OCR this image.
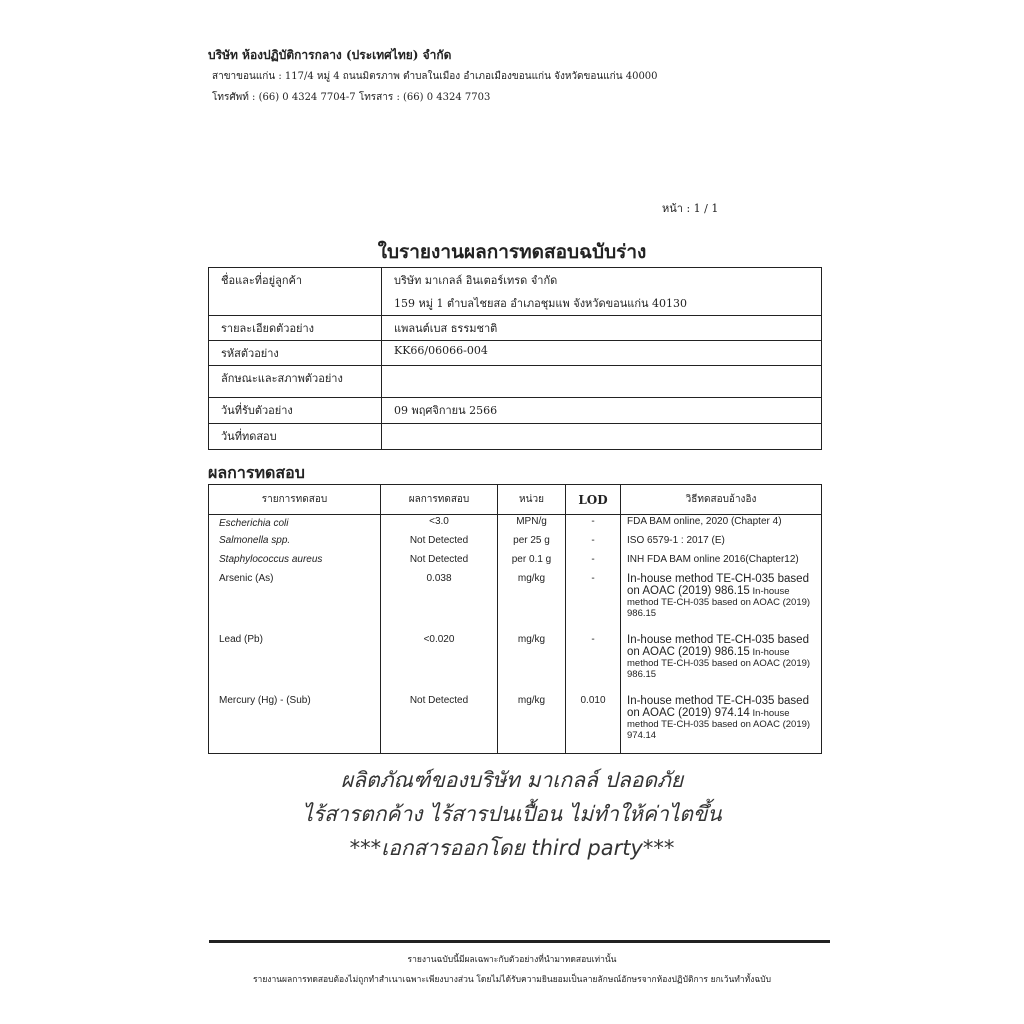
บริษัท ห้องปฏิบัติการกลาง (ประเทศไทย) จำกัด
สาขาขอนแก่น : 117/4 หมู่ 4 ถนนมิตรภาพ ตำบลในเมือง อำเภอเมืองขอนแก่น จังหวัดขอนแก่น 40000
โทรศัพท์ : (66) 0 4324 7704-7 โทรสาร : (66) 0 4324 7703
หน้า : 1 / 1
ใบรายงานผลการทดสอบฉบับร่าง
ชื่อและที่อยู่ลูกค้า	บริษัท มาเกลล์ อินเตอร์เทรด จำกัด
159 หมู่ 1 ตำบลไชยสอ อำเภอชุมแพ จังหวัดขอนแก่น 40130

รายละเอียดตัวอย่าง	แพลนต์เบส ธรรมชาติ
รหัสตัวอย่าง	KK66/06066-004
ลักษณะและสภาพตัวอย่าง	
วันที่รับตัวอย่าง	09 พฤศจิกายน 2566
วันที่ทดสอบ	
ผลการทดสอบ
รายการทดสอบ	ผลการทดสอบ	หน่วย	LOD	วิธีทดสอบอ้างอิง
Escherichia coli	<3.0	MPN/g	-	FDA BAM online, 2020 (Chapter 4)
Salmonella spp.	Not Detected	per 25 g	-	ISO 6579-1 : 2017 (E)
Staphylococcus aureus	Not Detected	per 0.1 g	-	INH FDA BAM online 2016(Chapter12)
Arsenic (As)	0.038	mg/kg	-	In-house method TE-CH-035 based on AOAC (2019) 986.15 In-house method TE-CH-035 based on AOAC (2019) 986.15
Lead (Pb)	<0.020	mg/kg	-	In-house method TE-CH-035 based on AOAC (2019) 986.15 In-house method TE-CH-035 based on AOAC (2019) 986.15
Mercury (Hg) - (Sub)	Not Detected	mg/kg	0.010	In-house method TE-CH-035 based on AOAC (2019) 974.14 In-house method TE-CH-035 based on AOAC (2019) 974.14
ผลิตภัณฑ์ของบริษัท มาเกลล์ ปลอดภัย
ไร้สารตกค้าง ไร้สารปนเปื้อน ไม่ทำให้ค่าไตขึ้น
***เอกสารออกโดย third party***
รายงานฉบับนี้มีผลเฉพาะกับตัวอย่างที่นำมาทดสอบเท่านั้น
รายงานผลการทดสอบต้องไม่ถูกทำสำเนาเฉพาะเพียงบางส่วน โดยไม่ได้รับความยินยอมเป็นลายลักษณ์อักษรจากห้องปฏิบัติการ ยกเว้นทำทั้งฉบับ
